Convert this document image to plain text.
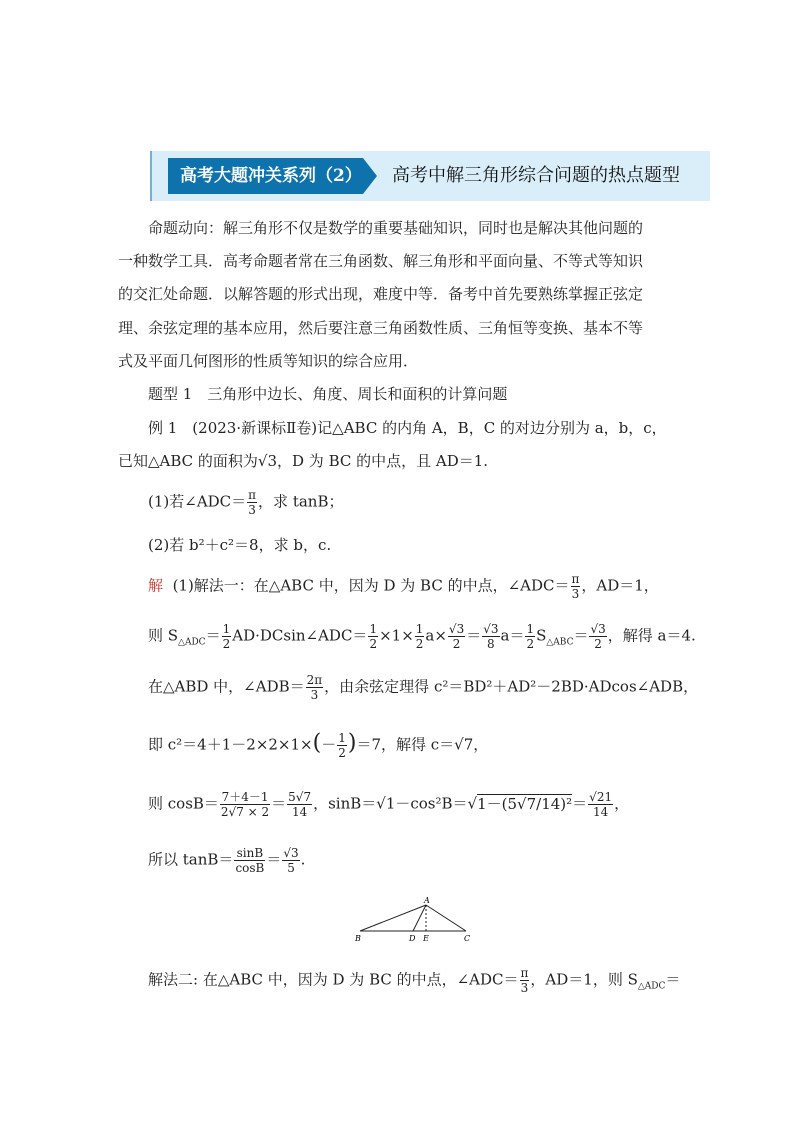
高考大题冲关系列（2） 高考中解三角形综合问题的热点题型
命题动向：解三角形不仅是数学的重要基础知识，同时也是解决其他问题的
一种数学工具．高考命题者常在三角函数、解三角形和平面向量、不等式等知识
的交汇处命题．以解答题的形式出现，难度中等．备考中首先要熟练掌握正弦定
理、余弦定理的基本应用，然后要注意三角函数性质、三角恒等变换、基本不等
式及平面几何图形的性质等知识的综合应用．
题型 1　三角形中边长、角度、周长和面积的计算问题
例 1　(2023·新课标Ⅱ卷)记△ABC 的内角 A，B，C 的对边分别为 a，b，c，
已知△ABC 的面积为√3，D 为 BC 的中点，且 AD＝1.
(1)若∠ADC＝ $\frac{\pi}{3}$ ，求 tanB；
(2)若 b²＋c²＝8，求 b，c.
解 (1)解法一：在△ABC 中，因为 D 为 BC 的中点，∠ADC＝ $\frac{\pi}{3}$ ，AD＝1，
则 $S_{\triangle ADC}= \frac{1}{2}$ AD·DCsin∠ADC＝ $\frac{1}{2} \times 1\times \frac{1}{2} a\times \frac{√3}{2} = \frac{√3}{8} a= \frac{1}{2} S_{\triangle ABC}= \frac{√3}{2}$ ，解得 a＝4.
在△ABD 中，∠ADB＝ $\frac{2\pi}{3}$ ，由余弦定理得 c²＝BD²＋AD²－2BD·ADcos∠ADB，
即 $c^2=4+1-2\times 2\times 1\times(- \frac{1}{2} )=7$，解得 c＝√7，
则 $\cos B= \frac{7+4-1}{2√7 \times 2} = \frac{5√7}{14}$ ，$\sin B=√1-\cos^2B=√1-(5√7/14)^2= \frac{√21}{14}$ ，
所以 $\tan B= \frac{\sin B}{\cos B} = \frac{√3}{5}$ .
A
B	D E	C
解法二: 在△ABC 中，因为 D 为 BC 的中点，∠ADC＝ $\frac{\pi}{3}$ ，AD＝1，则 $S_{\triangle ADC}=$
